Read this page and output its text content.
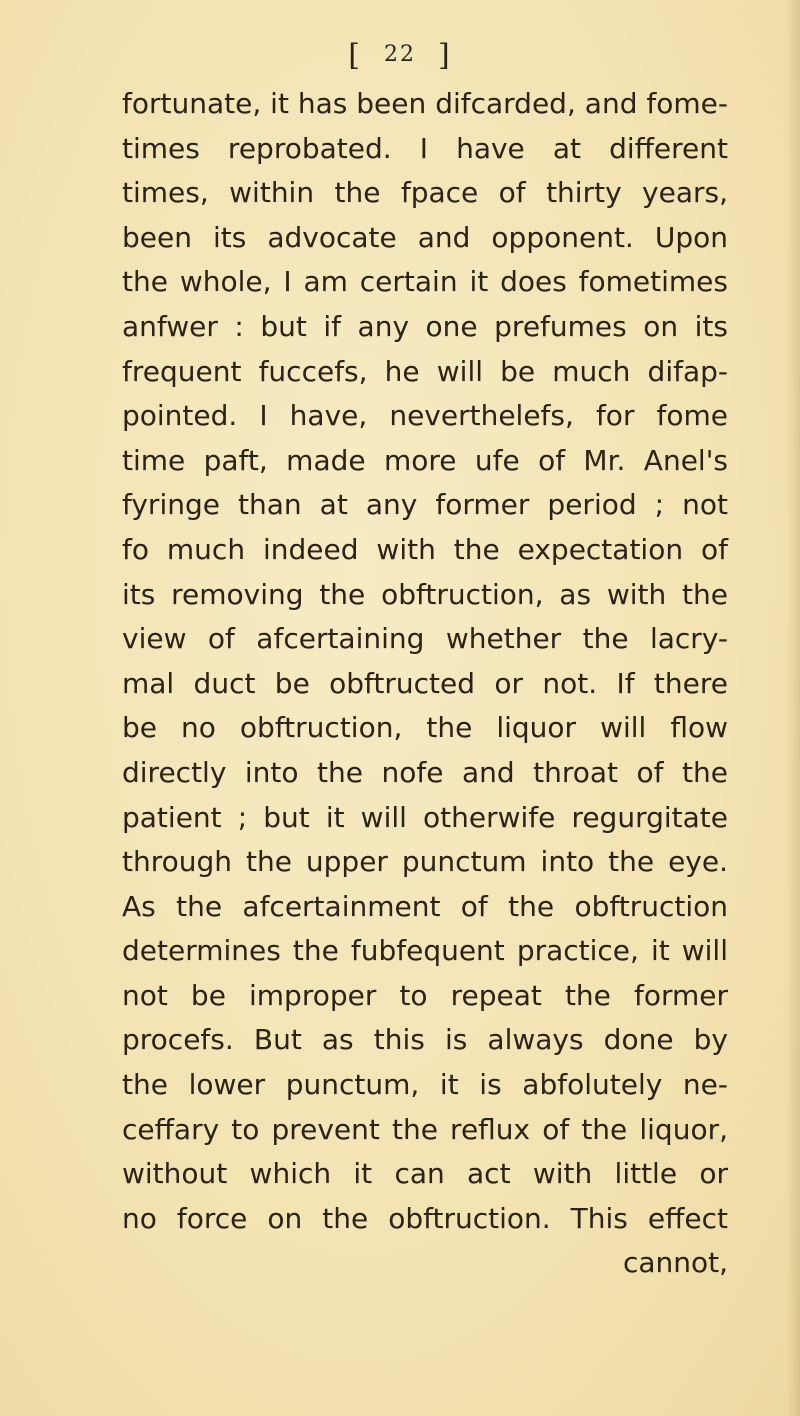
[ 22 ]
fortunate, it has been difcarded, and fome-
times reprobated. I have at different
times, within the fpace of thirty years,
been its advocate and opponent. Upon
the whole, I am certain it does fometimes
anfwer : but if any one prefumes on its
frequent fuccefs, he will be much difap-
pointed. I have, neverthelefs, for fome
time paft, made more ufe of Mr. Anel's
fyringe than at any former period ; not
fo much indeed with the expectation of
its removing the obftruction, as with the
view of afcertaining whether the lacry-
mal duct be obftructed or not. If there
be no obftruction, the liquor will flow
directly into the nofe and throat of the
patient ; but it will otherwife regurgitate
through the upper punctum into the eye.
As the afcertainment of the obftruction
determines the fubfequent practice, it will
not be improper to repeat the former
procefs. But as this is always done by
the lower punctum, it is abfolutely ne-
ceffary to prevent the reflux of the liquor,
without which it can act with little or
no force on the obftruction. This effect
cannot,
